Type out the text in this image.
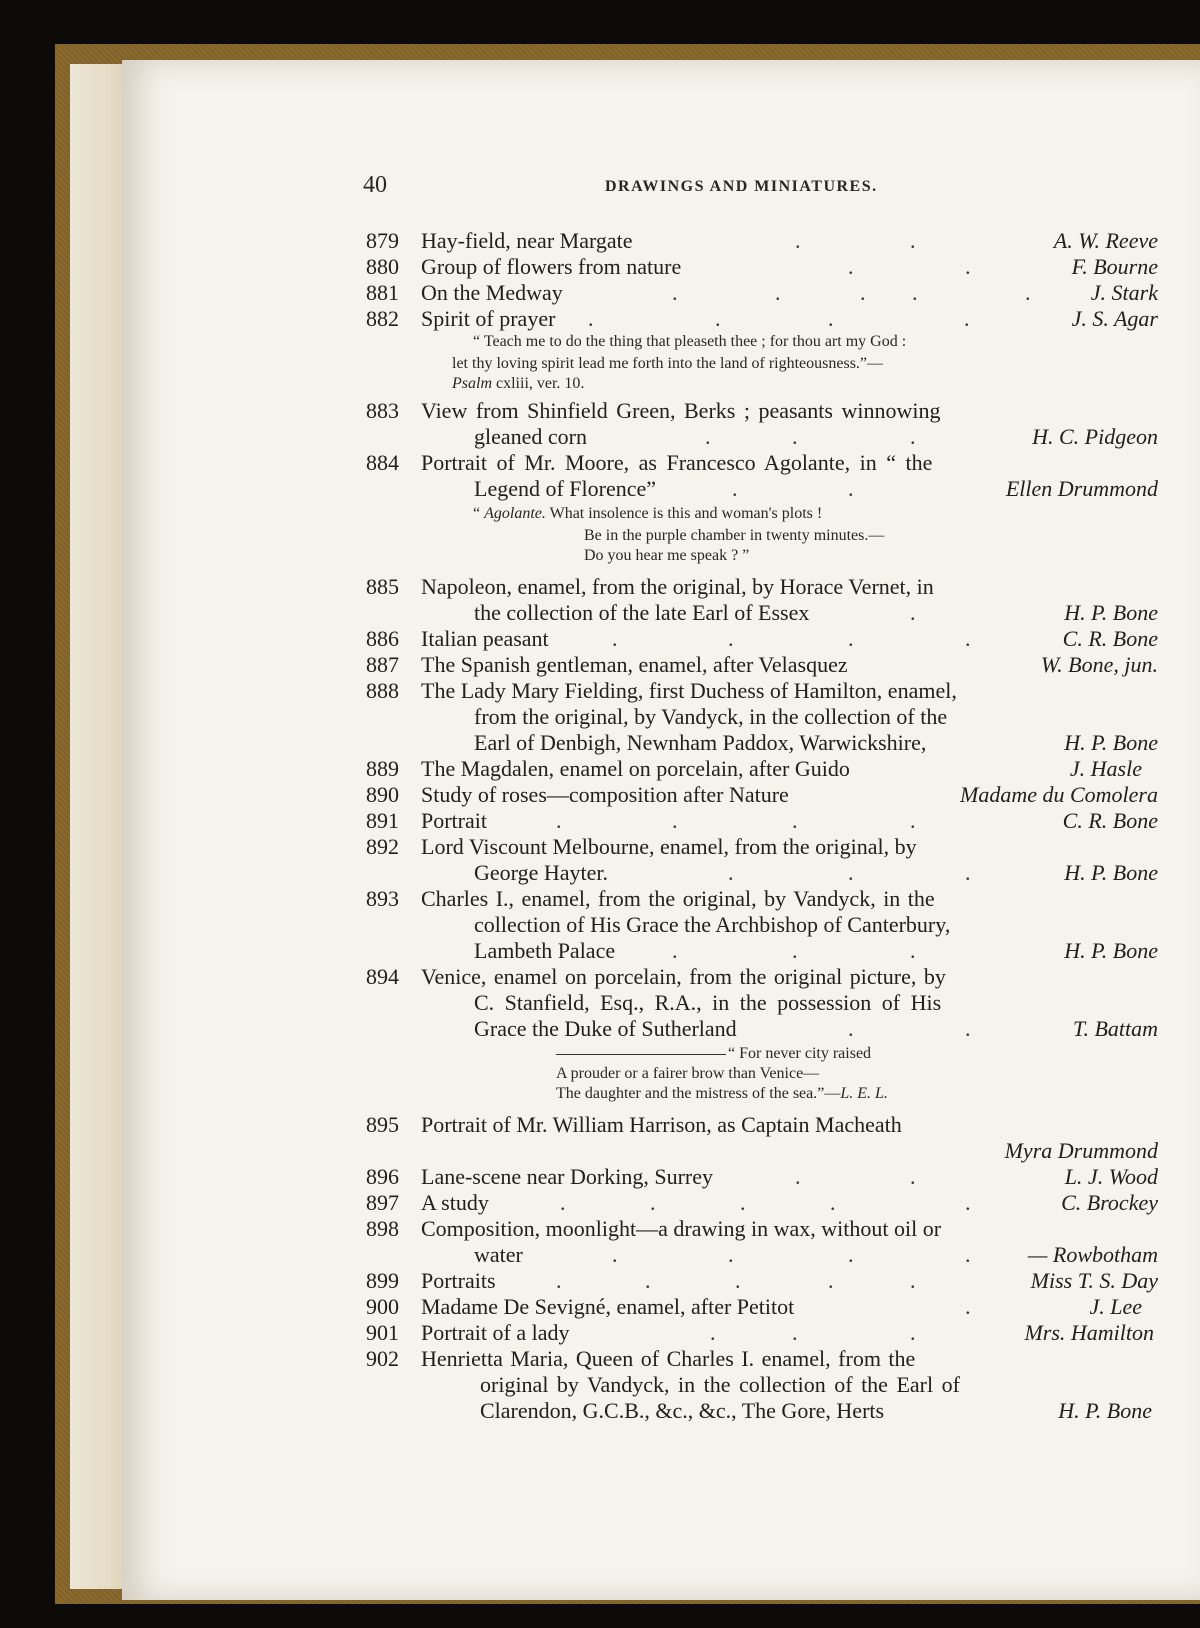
40	DRAWINGS AND MINIATURES.
879 Hay-field, near Margate	.	.	A. W. Reeve
880 Group of flowers from nature	.	.	F. Bourne
881 On the Medway	.	.	. .	.	J. Stark
882 Spirit of prayer .	.	.	.	J. S. Agar
“ Teach me to do the thing that pleaseth thee ; for thou art my God :
let thy loving spirit lead me forth into the land of righteousness.”—
Psalm cxliii, ver. 10.
883 View from Shinfield Green, Berks ; peasants winnowing
gleaned corn	.	.	.	H. C. Pidgeon
884 Portrait of Mr. Moore, as Francesco Agolante, in “ the
Legend of Florence”	.	.	Ellen Drummond
“ Agolante. What insolence is this and woman's plots !
Be in the purple chamber in twenty minutes.—
Do you hear me speak ? ”
885 Napoleon, enamel, from the original, by Horace Vernet, in
the collection of the late Earl of Essex	.	H. P. Bone
886 Italian peasant	.	.	.	.	C. R. Bone
887 The Spanish gentleman, enamel, after Velasquez	W. Bone, jun.
888 The Lady Mary Fielding, first Duchess of Hamilton, enamel,
from the original, by Vandyck, in the collection of the
Earl of Denbigh, Newnham Paddox, Warwickshire,	H. P. Bone
889 The Magdalen, enamel on porcelain, after Guido	J. Hasle
890 Study of roses—composition after Nature	Madame du Comolera
891 Portrait	.	.	.	.	C. R. Bone
892 Lord Viscount Melbourne, enamel, from the original, by
George Hayter.	.	.	.	H. P. Bone
893 Charles I., enamel, from the original, by Vandyck, in the
collection of His Grace the Archbishop of Canterbury,
Lambeth Palace	.	.	.	H. P. Bone
894 Venice, enamel on porcelain, from the original picture, by
C. Stanfield, Esq., R.A., in the possession of His
Grace the Duke of Sutherland	.	.	T. Battam
“ For never city raised
A prouder or a fairer brow than Venice—
The daughter and the mistress of the sea.”—L. E. L.
895 Portrait of Mr. William Harrison, as Captain Macheath
Myra Drummond
896 Lane-scene near Dorking, Surrey	.	.	L. J. Wood
897 A study	.	.	.	.	.	C. Brockey
898 Composition, moonlight—a drawing in wax, without oil or
water	.	.	.	.	— Rowbotham
899 Portraits	.	.	.	.	.	Miss T. S. Day
900 Madame De Sevigné, enamel, after Petitot	.	J. Lee
901 Portrait of a lady	.	.	.	Mrs. Hamilton
902 Henrietta Maria, Queen of Charles I. enamel, from the
original by Vandyck, in the collection of the Earl of
Clarendon, G.C.B., &c., &c., The Gore, Herts	H. P. Bone
